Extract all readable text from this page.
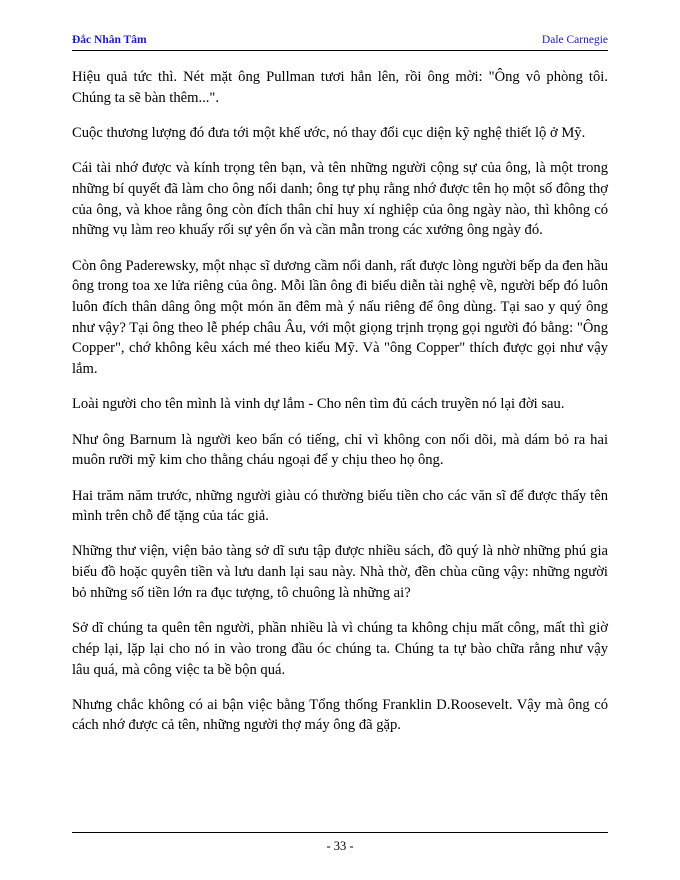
Đắc Nhân Tâm	Dale Carnegie

Hiệu quả tức thì. Nét mặt ông Pullman tươi hẳn lên, rồi ông mời: "Ông vô phòng tôi. Chúng ta sẽ bàn thêm...".

Cuộc thương lượng đó đưa tới một khế ước, nó thay đổi cục diện kỹ nghệ thiết lộ ở Mỹ.

Cái tài nhớ được và kính trọng tên bạn, và tên những người cộng sự của ông, là một trong những bí quyết đã làm cho ông nổi danh; ông tự phụ rằng nhớ được tên họ một số đông thợ của ông, và khoe rằng ông còn đích thân chỉ huy xí nghiệp của ông ngày nào, thì không có những vụ làm reo khuấy rối sự yên ổn và cần mẫn trong các xưởng ông ngày đó.

Còn ông Paderewsky, một nhạc sĩ dương cầm nổi danh, rất được lòng người bếp da đen hầu ông trong toa xe lửa riêng của ông. Mỗi lần ông đi biểu diễn tài nghệ về, người bếp đó luôn luôn đích thân dâng ông một món ăn đêm mà ý nấu riêng để ông dùng. Tại sao y quý ông như vậy? Tại ông theo lễ phép châu Âu, với một giọng trịnh trọng gọi người đó bằng: "Ông Copper", chớ không kêu xách mé theo kiểu Mỹ. Và "ông Copper" thích được gọi như vậy lắm.

Loài người cho tên mình là vinh dự lắm - Cho nên tìm đủ cách truyền nó lại đời sau.

Như ông Barnum là người keo bẩn có tiếng, chỉ vì không con nối dõi, mà dám bỏ ra hai muôn rưỡi mỹ kim cho thằng cháu ngoại để y chịu theo họ ông.

Hai trăm năm trước, những người giàu có thường biếu tiền cho các văn sĩ để được thấy tên mình trên chỗ để tặng của tác giả.

Những thư viện, viện bảo tàng sở dĩ sưu tập được nhiều sách, đồ quý là nhờ những phú gia biếu đồ hoặc quyên tiền và lưu danh lại sau này. Nhà thờ, đền chùa cũng vậy: những người bỏ những số tiền lớn ra đục tượng, tô chuông là những ai?

Sở dĩ chúng ta quên tên người, phần nhiều là vì chúng ta không chịu mất công, mất thì giờ chép lại, lặp lại cho nó in vào trong đầu óc chúng ta. Chúng ta tự bào chữa rằng như vậy lâu quá, mà công việc ta bề bộn quá.

Nhưng chắc không có ai bận việc bằng Tổng thống Franklin D.Roosevelt. Vậy mà ông có cách nhớ được cả tên, những người thợ máy ông đã gặp.

- 33 -
